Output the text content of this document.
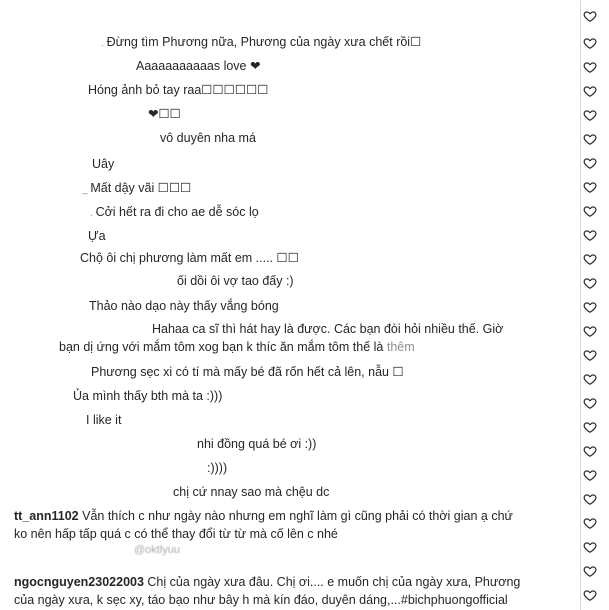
. Đừng tìm Phương nữa, Phương của ngày xưa chết rồi☐
Aaaaaaaaaaas love ❤
Hóng ảnh bỏ tay raa☐☐☐☐☐☐
❤☐☐
vô duyên nha má
Uây
_ Mất dậy vãi ☐☐☐
. Cởi hết ra đi cho ae dễ sóc lọ
Ựa
Chộ ôi chị phương làm mất em ..... ☐☐
ối dồi ôi vợ tao đấy :)
Thảo nào dạo này thấy vắng bóng
Hahaa ca sĩ thì hát hay là được. Các bạn đòi hỏi nhiều thế. Giờ
bạn dị ứng với mắm tôm xog bạn k thíc ăn mắm tôm thế là thêm
Phương sẹc xi có tí mà mấy bé đã rốn hết cả lên, nẫu ☐
Ủa mình thấy bth mà ta :)))
I like it
nhi đồng quá bé ơi :))
:))))
chị cứ nnay sao mà chệu dc
tt_ann1102 Vẫn thích c như ngày nào nhưng em nghĩ làm gì cũng phải có thời gian ạ chứ
ko nên hấp tấp quá c có thể thay đổi từ từ mà cố lên c nhé
@oktlyuu
ngocnguyen23022003 Chị của ngày xưa đâu. Chị ơi.... e muốn chị của ngày xưa, Phương
của ngày xưa, k sẹc xy, táo bạo như bây h mà kín đáo, duyên dáng,...#bichphuongofficial
